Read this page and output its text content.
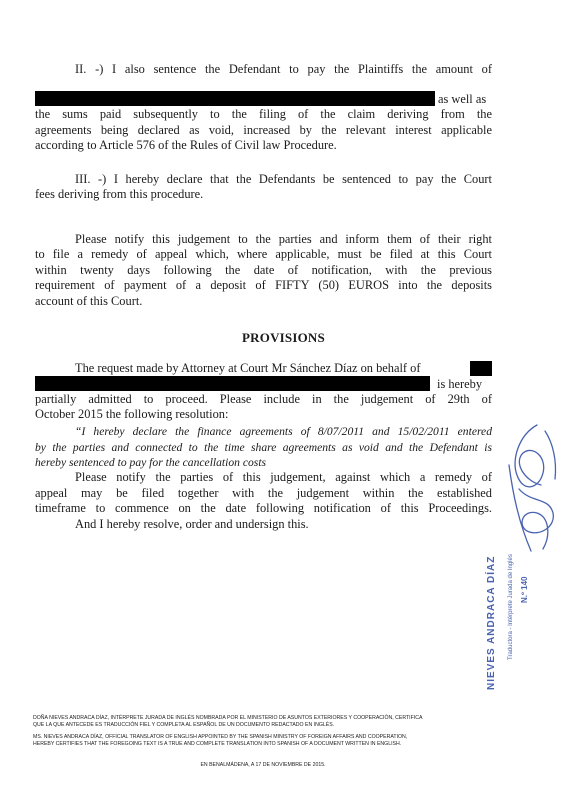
II. -) I also sentence the Defendant to pay the Plaintiffs the amount of
as well as
the sums paid subsequently to the filing of the claim deriving from the
agreements being declared as void, increased by the relevant interest applicable
according to Article 576 of the Rules of Civil law Procedure.
III. -) I hereby declare that the Defendants be sentenced to pay the Court
fees deriving from this procedure.
Please notify this judgement to the parties and inform them of their right
to file a remedy of appeal which, where applicable, must be filed at this Court
within twenty days following the date of notification, with the previous
requirement of payment of a deposit of FIFTY (50) EUROS into the deposits
account of this Court.
PROVISIONS
The request made by Attorney at Court Mr Sánchez Díaz on behalf of
is hereby
partially admitted to proceed. Please include in the judgement of 29th of
October 2015 the following resolution:
“I hereby declare the finance agreements of 8/07/2011 and 15/02/2011 entered
by the parties and connected to the time share agreements as void and the Defendant is
hereby sentenced to pay for the cancellation costs
Please notify the parties of this judgement, against which a remedy of
appeal may be filed together with the judgement within the established
timeframe to commence on the date following notification of this Proceedings.
And I hereby resolve, order and undersign this.
NIEVES ANDRACA DÍAZ Traductora - Intérprete Jurada de Inglés N.º 140
DOÑA NIEVES ANDRACA DÍAZ, INTÉRPRETE JURADA DE INGLÉS NOMBRADA POR EL MINISTERIO DE ASUNTOS EXTERIORES Y COOPERACIÓN, CERTIFICA
QUE LA QUE ANTECEDE ES TRADUCCIÓN FIEL Y COMPLETA AL ESPAÑOL DE UN DOCUMENTO REDACTADO EN INGLÉS.
MS. NIEVES ANDRACA DÍAZ, OFFICIAL TRANSLATOR OF ENGLISH APPOINTED BY THE SPANISH MINISTRY OF FOREIGN AFFAIRS AND COOPERATION,
HEREBY CERTIFIES THAT THE FOREGOING TEXT IS A TRUE AND COMPLETE TRANSLATION INTO SPANISH OF A DOCUMENT WRITTEN IN ENGLISH.
EN BENALMÁDENA, A 17 DE NOVIEMBRE DE 2015.
